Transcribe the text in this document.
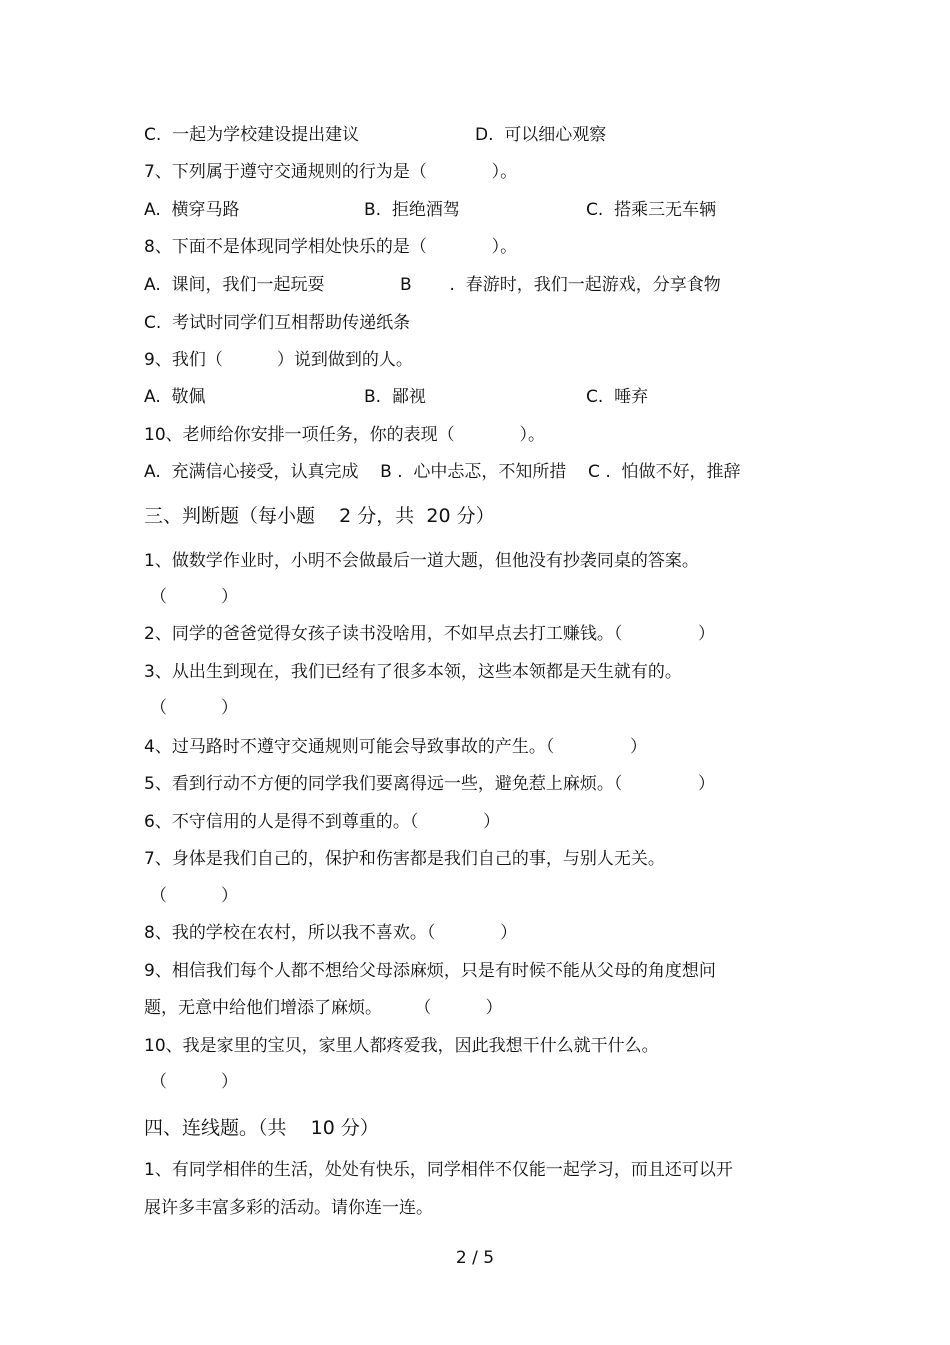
C.  一起为学校建设提出建议	D.  可以细心观察
7、下列属于遵守交通规则的行为是（            ）。
A.  横穿马路	B.  拒绝酒驾	C.  搭乘三无车辆
8、下面不是体现同学相处快乐的是（            ）。
A.  课间，我们一起玩耍	B       .  春游时，我们一起游戏，分享食物
C.  考试时同学们互相帮助传递纸条
9、我们（          ）说到做到的人。
A.  敬佩	B.  鄙视	C.  唾弃
10、老师给你安排一项任务，你的表现（            ）。
A.  充满信心接受，认真完成    B .  心中忐忑，不知所措    C .  怕做不好，推辞
三、判断题（每小题    2 分，共  20 分）
1、做数学作业时，小明不会做最后一道大题，但他没有抄袭同桌的答案。
（          ）
2、同学的爸爸觉得女孩子读书没啥用，不如早点去打工赚钱。（              ）
3、从出生到现在，我们已经有了很多本领，这些本领都是天生就有的。
（          ）
4、过马路时不遵守交通规则可能会导致事故的产生。（              ）
5、看到行动不方便的同学我们要离得远一些，避免惹上麻烦。（              ）
6、不守信用的人是得不到尊重的。（            ）
7、身体是我们自己的，保护和伤害都是我们自己的事，与别人无关。
（          ）
8、我的学校在农村，所以我不喜欢。（            ）
9、相信我们每个人都不想给父母添麻烦，只是有时候不能从父母的角度想问
题，无意中给他们增添了麻烦。      （          ）
10、我是家里的宝贝，家里人都疼爱我，因此我想干什么就干什么。
（          ）
四、连线题。（共    10 分）
1、有同学相伴的生活，处处有快乐，同学相伴不仅能一起学习，而且还可以开
展许多丰富多彩的活动。请你连一连。
2 / 5
